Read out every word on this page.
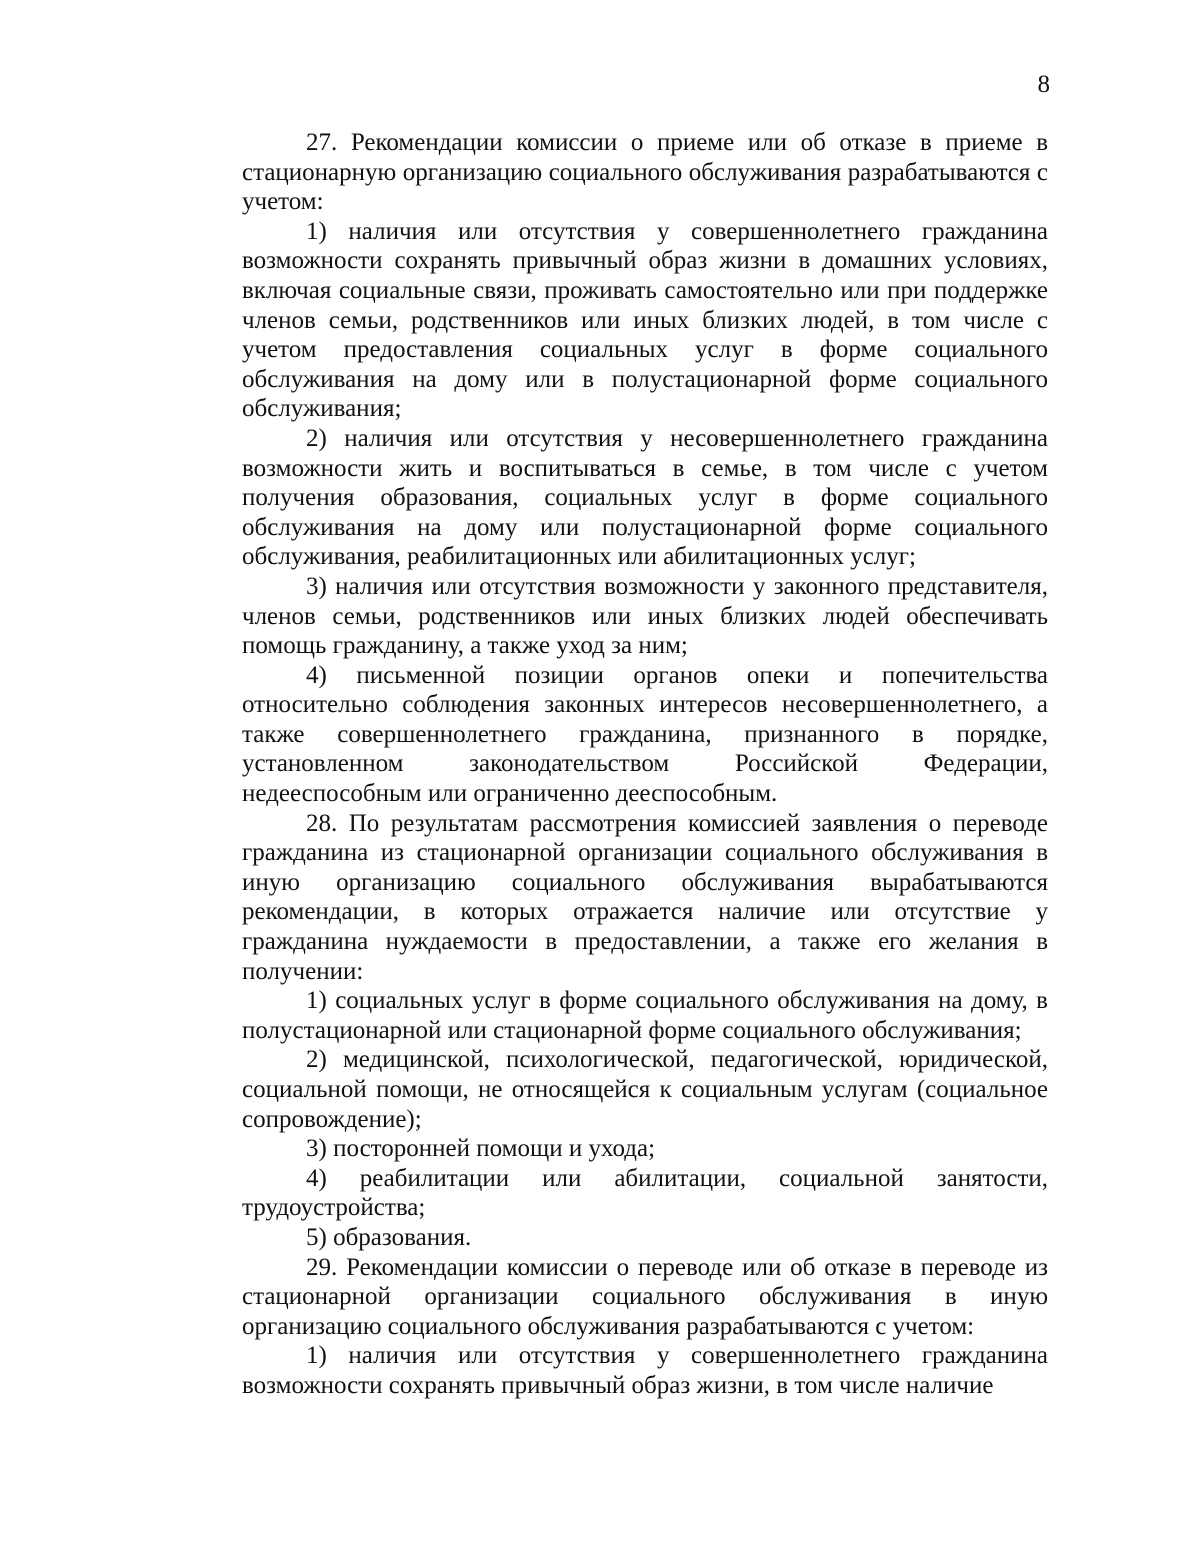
8

27. Рекомендации комиссии о приеме или об отказе в приеме в стационарную организацию социального обслуживания разрабатываются с учетом:

1) наличия или отсутствия у совершеннолетнего гражданина возможности сохранять привычный образ жизни в домашних условиях, включая социальные связи, проживать самостоятельно или при поддержке членов семьи, родственников или иных близких людей, в том числе с учетом предоставления социальных услуг в форме социального обслуживания на дому или в полустационарной форме социального обслуживания;

2) наличия или отсутствия у несовершеннолетнего гражданина возможности жить и воспитываться в семье, в том числе с учетом получения образования, социальных услуг в форме социального обслуживания на дому или полустационарной форме социального обслуживания, реабилитационных или абилитационных услуг;

3) наличия или отсутствия возможности у законного представителя, членов семьи, родственников или иных близких людей обеспечивать помощь гражданину, а также уход за ним;

4) письменной позиции органов опеки и попечительства относительно соблюдения законных интересов несовершеннолетнего, а также совершеннолетнего гражданина, признанного в порядке, установленном законодательством Российской Федерации, недееспособным или ограниченно дееспособным.

28. По результатам рассмотрения комиссией заявления о переводе гражданина из стационарной организации социального обслуживания в иную организацию социального обслуживания вырабатываются рекомендации, в которых отражается наличие или отсутствие у гражданина нуждаемости в предоставлении, а также его желания в получении:

1) социальных услуг в форме социального обслуживания на дому, в полустационарной или стационарной форме социального обслуживания;

2) медицинской, психологической, педагогической, юридической, социальной помощи, не относящейся к социальным услугам (социальное сопровождение);

3) посторонней помощи и ухода;

4) реабилитации или абилитации, социальной занятости, трудоустройства;

5) образования.

29. Рекомендации комиссии о переводе или об отказе в переводе из стационарной организации социального обслуживания в иную организацию социального обслуживания разрабатываются с учетом:

1) наличия или отсутствия у совершеннолетнего гражданина возможности сохранять привычный образ жизни, в том числе наличие
